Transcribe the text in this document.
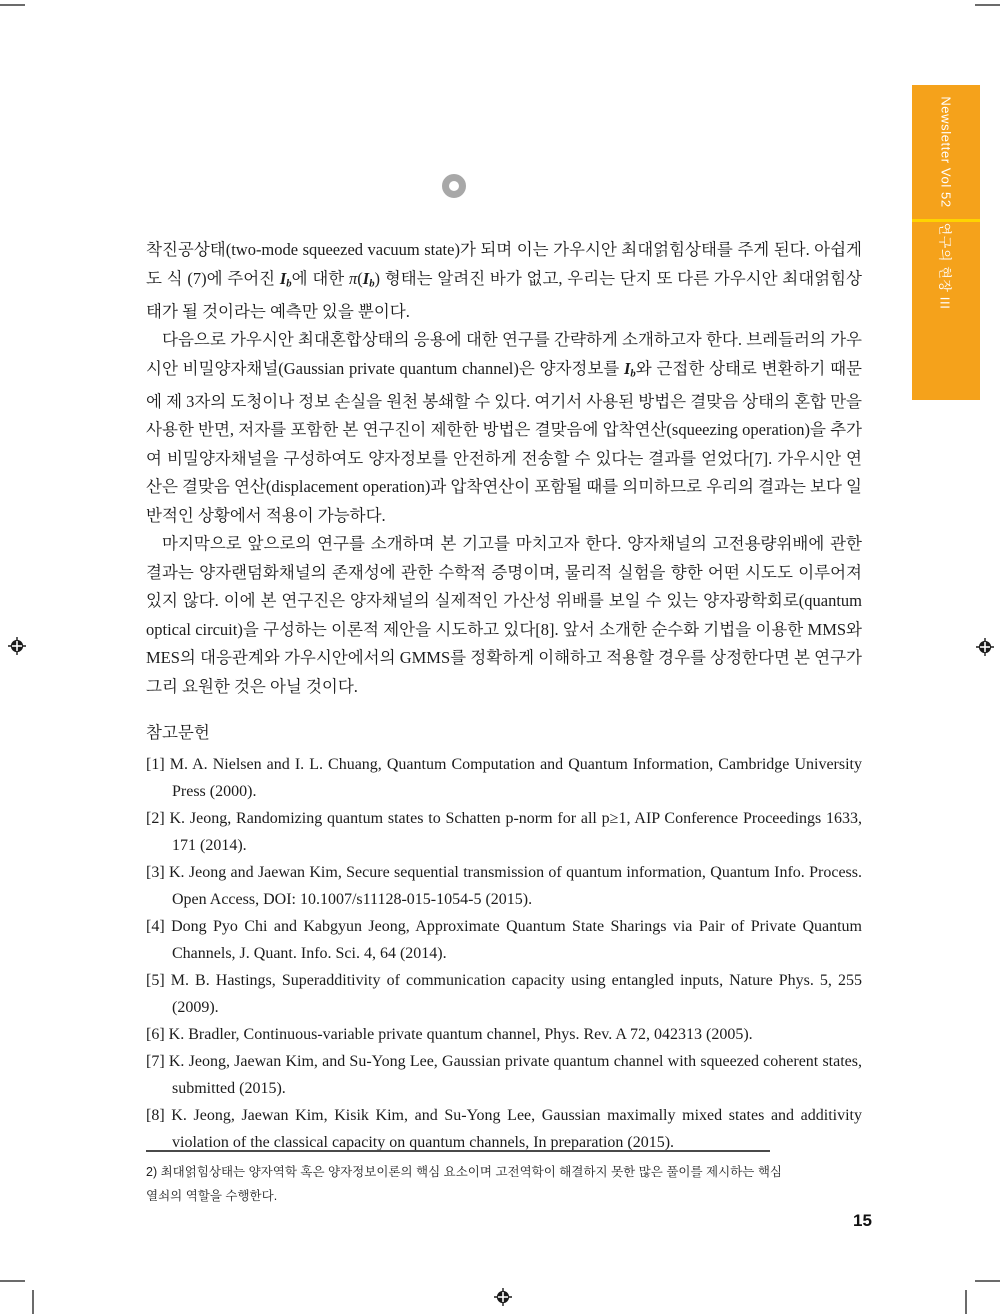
Newsletter Vol 52
연구의 현장 III

착진공상태(two-mode squeezed vacuum state)가 되며 이는 가우시안 최대얽힘상태를 주게 된다. 아쉽게도 식 (7)에 주어진 Ib에 대한 π(Ib) 형태는 알려진 바가 없고, 우리는 단지 또 다른 가우시안 최대얽힘상태가 될 것이라는 예측만 있을 뿐이다.

다음으로 가우시안 최대혼합상태의 응용에 대한 연구를 간략하게 소개하고자 한다. 브레들러의 가우시안 비밀양자채널(Gaussian private quantum channel)은 양자정보를 Ib와 근접한 상태로 변환하기 때문에 제 3자의 도청이나 정보 손실을 원천 봉쇄할 수 있다. 여기서 사용된 방법은 결맞음 상태의 혼합 만을 사용한 반면, 저자를 포함한 본 연구진이 제한한 방법은 결맞음에 압착연산(squeezing operation)을 추가여 비밀양자채널을 구성하여도 양자정보를 안전하게 전송할 수 있다는 결과를 얻었다[7]. 가우시안 연산은 결맞음 연산(displacement operation)과 압착연산이 포함될 때를 의미하므로 우리의 결과는 보다 일반적인 상황에서 적용이 가능하다.

마지막으로 앞으로의 연구를 소개하며 본 기고를 마치고자 한다. 양자채널의 고전용량위배에 관한 결과는 양자랜덤화채널의 존재성에 관한 수학적 증명이며, 물리적 실험을 향한 어떤 시도도 이루어져 있지 않다. 이에 본 연구진은 양자채널의 실제적인 가산성 위배를 보일 수 있는 양자광학회로(quantum optical circuit)을 구성하는 이론적 제안을 시도하고 있다[8]. 앞서 소개한 순수화 기법을 이용한 MMS와 MES의 대응관계와 가우시안에서의 GMMS를 정확하게 이해하고 적용할 경우를 상정한다면 본 연구가 그리 요원한 것은 아닐 것이다.

참고문헌

[1] M. A. Nielsen and I. L. Chuang, Quantum Computation and Quantum Information, Cambridge University Press (2000).

[2] K. Jeong, Randomizing quantum states to Schatten p-norm for all p≥1, AIP Conference Proceedings 1633, 171 (2014).

[3] K. Jeong and Jaewan Kim, Secure sequential transmission of quantum information, Quantum Info. Process. Open Access, DOI: 10.1007/s11128-015-1054-5 (2015).

[4] Dong Pyo Chi and Kabgyun Jeong, Approximate Quantum State Sharings via Pair of Private Quantum Channels, J. Quant. Info. Sci. 4, 64 (2014).

[5] M. B. Hastings, Superadditivity of communication capacity using entangled inputs, Nature Phys. 5, 255 (2009).

[6] K. Bradler, Continuous-variable private quantum channel, Phys. Rev. A 72, 042313 (2005).

[7] K. Jeong, Jaewan Kim, and Su-Yong Lee, Gaussian private quantum channel with squeezed coherent states, submitted (2015).

[8] K. Jeong, Jaewan Kim, Kisik Kim, and Su-Yong Lee, Gaussian maximally mixed states and additivity violation of the classical capacity on quantum channels, In preparation (2015).

2) 최대얽힘상태는 양자역학 혹은 양자정보이론의 핵심 요소이며 고전역학이 해결하지 못한 많은 풀이를 제시하는 핵심 열쇠의 역할을 수행한다.
15
